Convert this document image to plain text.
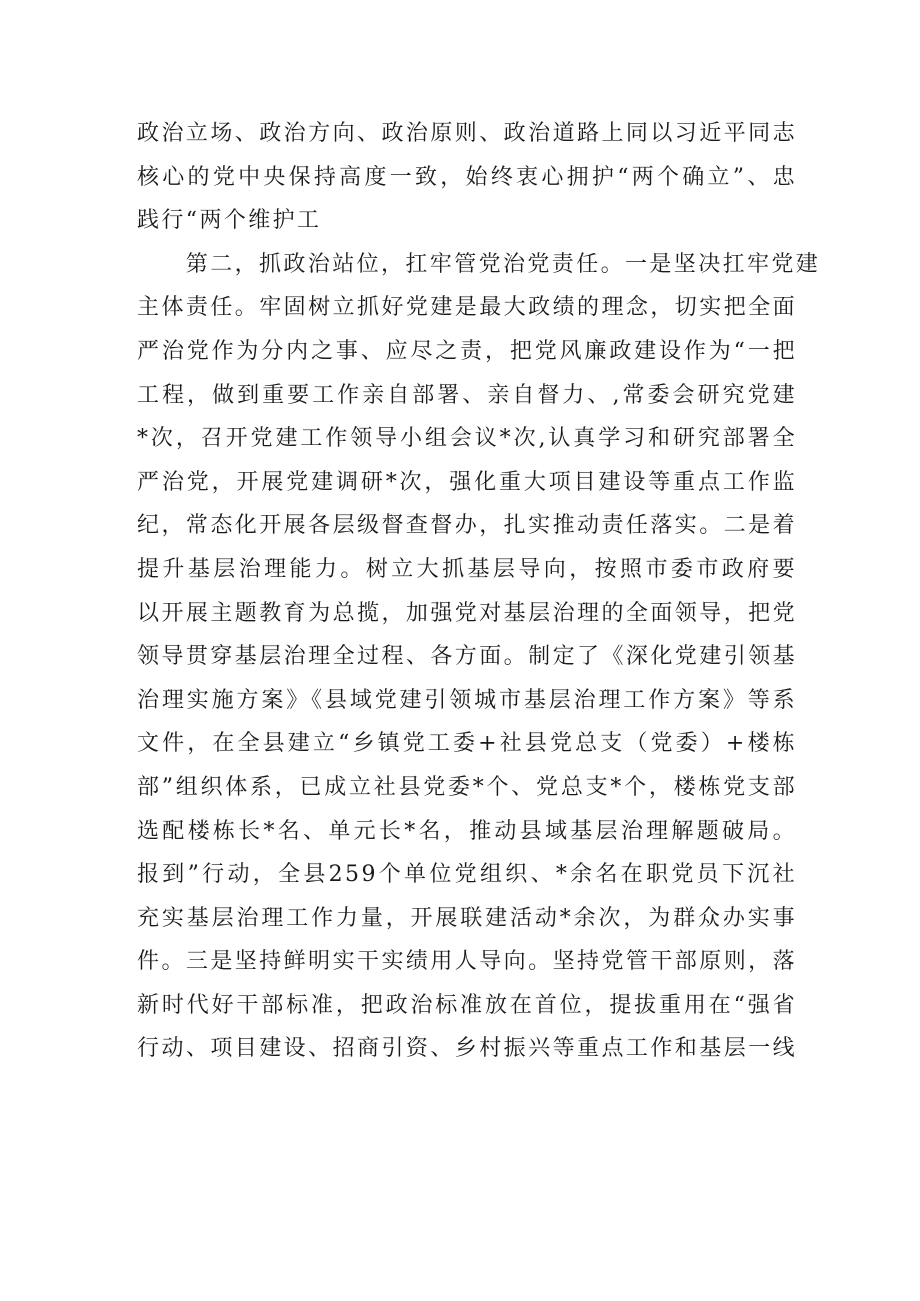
政治立场、政治方向、政治原则、政治道路上同以习近平同志
核心的党中央保持高度一致，始终衷心拥护“两个确立”、忠
践行“两个维护工
　　第二，抓政治站位，扛牢管党治党责任。一是坚决扛牢党建
主体责任。牢固树立抓好党建是最大政绩的理念，切实把全面
严治党作为分内之事、应尽之责，把党风廉政建设作为“一把
工程，做到重要工作亲自部署、亲自督力、,常委会研究党建
*次，召开党建工作领导小组会议*次,认真学习和研究部署全
严治党，开展党建调研*次，强化重大项目建设等重点工作监
纪，常态化开展各层级督查督办，扎实推动责任落实。二是着
提升基层治理能力。树立大抓基层导向，按照市委市政府要
以开展主题教育为总揽，加强党对基层治理的全面领导，把党
领导贯穿基层治理全过程、各方面。制定了《深化党建引领基
治理实施方案》《县域党建引领城市基层治理工作方案》等系
文件，在全县建立“乡镇党工委+社县党总支（党委）+楼栋
部”组织体系，已成立社县党委*个、党总支*个，楼栋党支部
选配楼栋长*名、单元长*名，推动县域基层治理解题破局。
报到”行动，全县259个单位党组织、*余名在职党员下沉社
充实基层治理工作力量，开展联建活动*余次，为群众办实事
件。三是坚持鲜明实干实绩用人导向。坚持党管干部原则，落
新时代好干部标准，把政治标准放在首位，提拔重用在“强省
行动、项目建设、招商引资、乡村振兴等重点工作和基层一线
